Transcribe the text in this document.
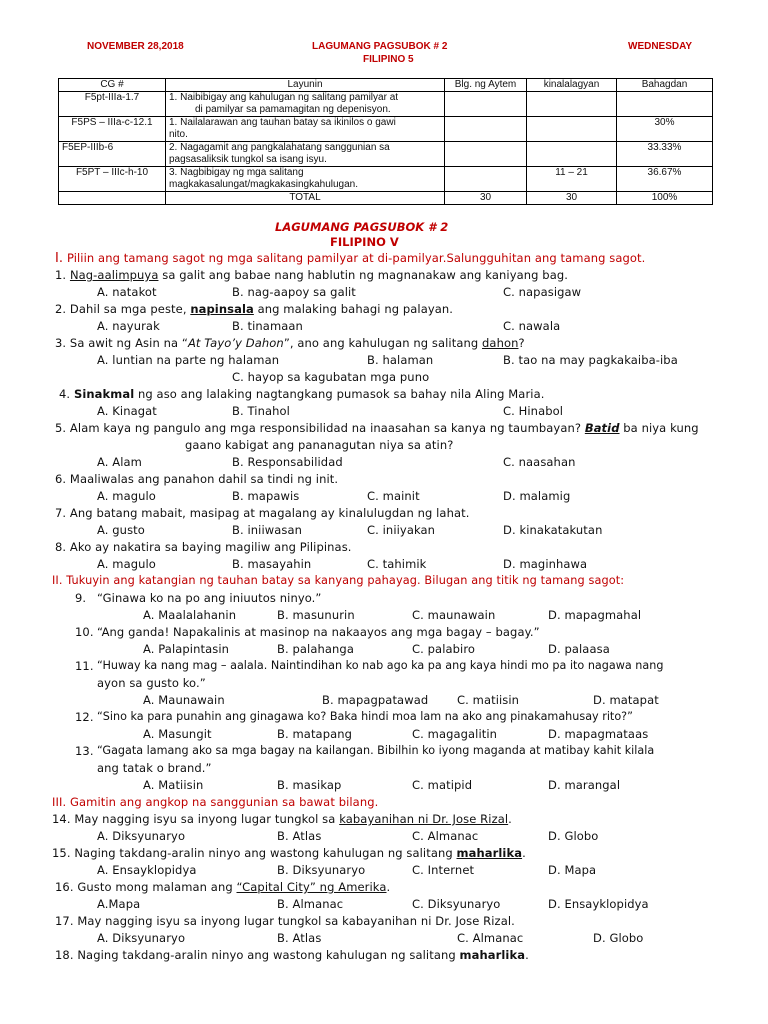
NOVEMBER 28,2018	LAGUMANG PAGSUBOK # 2
FILIPINO 5
WEDNESDAY
CG #	Layunin	Blg. ng Aytem	kinalalagyan	Bahagdan
F5pt-IIIa-1.7	1. Naibibigay ang kahulugan ng salitang pamilyar at
di pamilyar sa pamamagitan ng depenisyon.			

F5PS – IIIa-c-12.1	1. Nailalarawan ang tauhan batay sa ikinilos o gawi
nito.			30%
F5EP-IIIb-6	2. Nagagamit ang pangkalahatang sanggunian sa
pagsasaliksik tungkol sa isang isyu.			33.33%
F5PT – IIIc-h-10	3. Nagbibigay ng mga salitang
magkakasalungat/magkakasingkahulugan.		11 – 21	36.67%
	TOTAL	30	30	100%
LAGUMANG PAGSUBOK # 2
FILIPINO V
I. Piliin ang tamang sagot ng mga salitang pamilyar at di-pamilyar.Salungguhitan ang tamang sagot.
1. Nag-aalimpuya sa galit ang babae nang hablutin ng magnanakaw ang kaniyang bag.
A. natakot	B. nag-aapoy sa galit	C. napasigaw
2. Dahil sa mga peste, napinsala ang malaking bahagi ng palayan.
A. nayurak	B. tinamaan	C. nawala
3. Sa awit ng Asin na “At Tayo’y Dahon”, ano ang kahulugan ng salitang dahon?
A. luntian na parte ng halaman	B. halaman	B. tao na may pagkakaiba-iba
C. hayop sa kagubatan mga puno
4. Sinakmal ng aso ang lalaking nagtangkang pumasok sa bahay nila Aling Maria.
A. Kinagat	B. Tinahol	C. Hinabol
5. Alam kaya ng pangulo ang mga responsibilidad na inaasahan sa kanya ng taumbayan? Batid ba niya kung
gaano kabigat ang pananagutan niya sa atin?
A. Alam	B. Responsabilidad	C. naasahan
6. Maaliwalas ang panahon dahil sa tindi ng init.
A. magulo	B. mapawis	C. mainit	D. malamig
7. Ang batang mabait, masipag at magalang ay kinalulugdan ng lahat.
A. gusto	B. iniiwasan	C. iniiyakan	D. kinakatakutan
8. Ako ay nakatira sa baying magiliw ang Pilipinas.
A. magulo	B. masayahin	C. tahimik	D. maginhawa
II. Tukuyin ang katangian ng tauhan batay sa kanyang pahayag. Bilugan ang titik ng tamang sagot:
9. “Ginawa ko na po ang iniuutos ninyo.”
A. Maalalahanin	B. masunurin	C. maunawain	D. mapagmahal
10. “Ang ganda! Napakalinis at masinop na nakaayos ang mga bagay – bagay.”
A. Palapintasin	B. palahanga	C. palabiro	D. palaasa
11. “Huway ka nang mag – aalala. Naintindihan ko nab ago ka pa ang kaya hindi mo pa ito nagawa nang
ayon sa gusto ko.”
A. Maunawain	B. mapagpatawad C. matiisin	D. matapat
12. “Sino ka para punahin ang ginagawa ko? Baka hindi moa lam na ako ang pinakamahusay rito?”
A. Masungit	B. matapang	C. magagalitin	D. mapagmataas
13. “Gagata lamang ako sa mga bagay na kailangan. Bibilhin ko iyong maganda at matibay kahit kilala
ang tatak o brand.”
A. Matiisin	B. masikap	C. matipid	D. marangal
III. Gamitin ang angkop na sanggunian sa bawat bilang.
14. May nagging isyu sa inyong lugar tungkol sa kabayanihan ni Dr. Jose Rizal.
A. Diksyunaryo	B. Atlas	C. Almanac	D. Globo
15. Naging takdang-aralin ninyo ang wastong kahulugan ng salitang maharlika.
A. Ensayklopidya	B. Diksyunaryo	C. Internet	D. Mapa
16. Gusto mong malaman ang “Capital City” ng Amerika.
A.Mapa	B. Almanac	C. Diksyunaryo	D. Ensayklopidya
17. May nagging isyu sa inyong lugar tungkol sa kabayanihan ni Dr. Jose Rizal.
A. Diksyunaryo	B. Atlas	C. Almanac	D. Globo
18. Naging takdang-aralin ninyo ang wastong kahulugan ng salitang maharlika.
